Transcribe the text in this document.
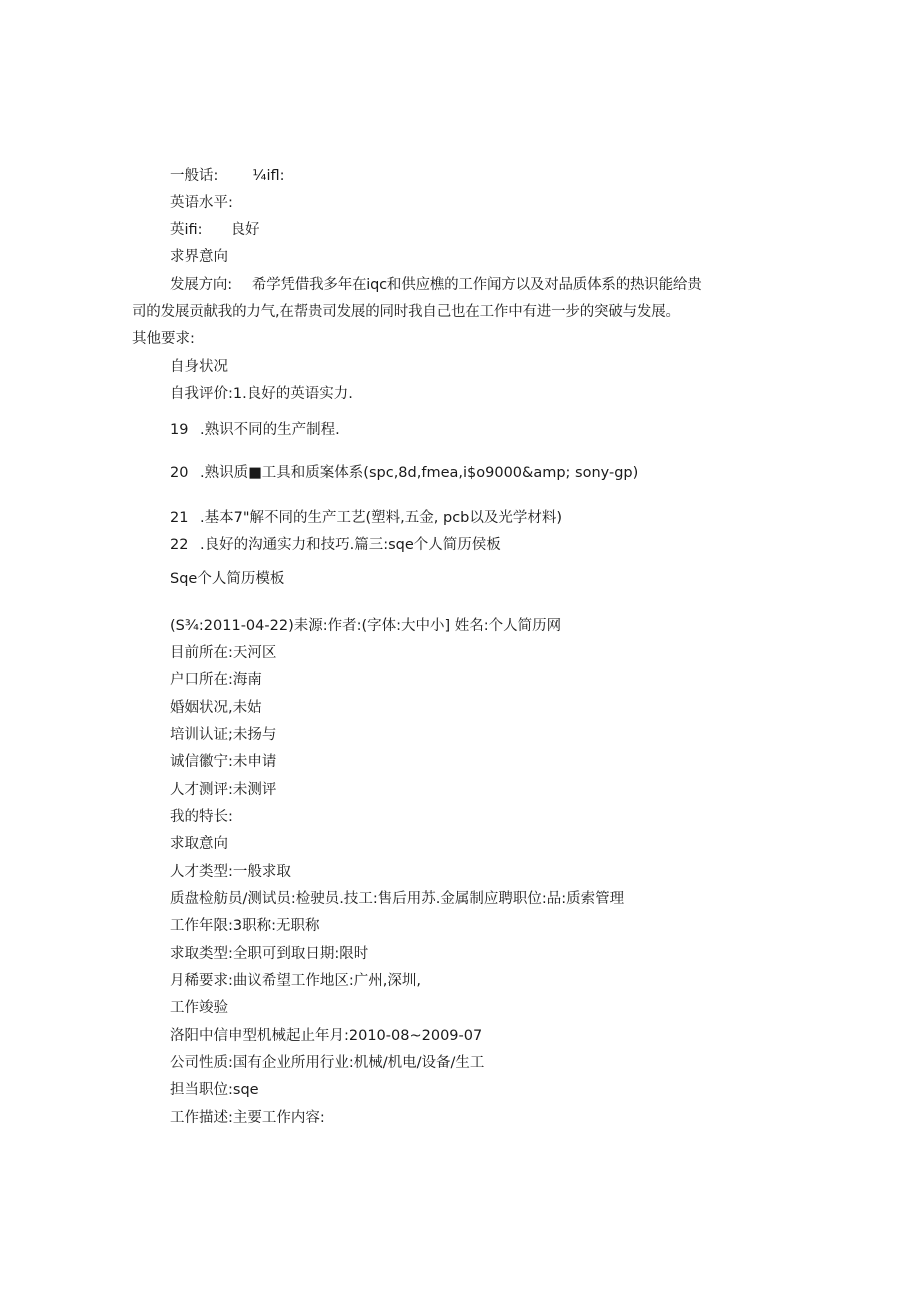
一般话: ¼ifl:
英语水平:
英ifi: 良好
求界意向
发展方向: 希学凭借我多年在iqc和供应樵的工作闻方以及对品质体系的热识能给贵
司的发展贡献我的力气,在帮贵司发展的同时我自己也在工作中有进一步的突破与发展。
其他要求:
自身状况
自我评价:1.良好的英语实力.
19 .熟识不同的生产制程.
20 .熟识质■工具和质案体系(spc,8d,fmea,i$o9000&amp; sony-gp)
21 .基本7"解不同的生产工艺(塑料,五金, pcb以及光学材料)
22 .良好的沟通实力和技巧.篇三:sqe个人简历侯板
Sqe个人简历模板
(S¾:2011-04-22)耒源:作者:(字体:大中小] 姓名:个人简历网
目前所在:天河区
户口所在:海南
婚姻状况,未姑
培训认证;未扬与
诚信徽宁:未申请
人才测评:未测评
我的特长:
求取意向
人才类型:一般求取
质盘检舫员/测试员:检驶员.技工:售后用苏.金属制应聘职位:品:质索管理
工作年限:3职称:无职称
求取类型:全职可到取日期:限时
月稀要求:曲议希望工作地区:广州,深圳,
工作竣验
洛阳中信申型机械起止年月:2010-08~2009-07
公司性质:国有企业所用行业:机械/机电/设备/生工
担当职位:sqe
工作描述:主要工作内容:
